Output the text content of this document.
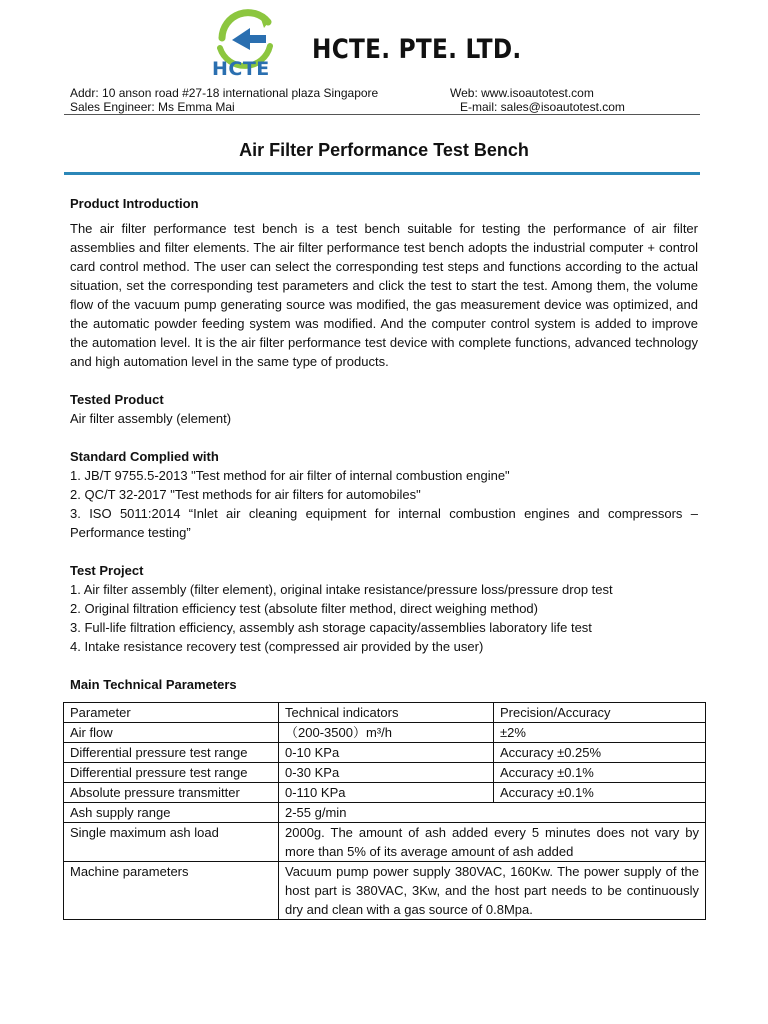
HCTE
HCTE. PTE. LTD.
Addr: 10 anson road #27-18 international plaza Singapore
Sales Engineer: Ms Emma Mai
Web: www.isoautotest.com
E-mail: sales@isoautotest.com
Air Filter Performance Test Bench

Product Introduction

The air filter performance test bench is a test bench suitable for testing the performance of air filter assemblies and filter elements. The air filter performance test bench adopts the industrial computer + control card control method. The user can select the corresponding test steps and functions according to the actual situation, set the corresponding test parameters and click the test to start the test. Among them, the volume flow of the vacuum pump generating source was modified, the gas measurement device was optimized, and the automatic powder feeding system was modified. And the computer control system is added to improve the automation level. It is the air filter performance test device with complete functions, advanced technology and high automation level in the same type of products.

Tested Product

Air filter assembly (element)

Standard Complied with

1. JB/T 9755.5-2013 "Test method for air filter of internal combustion engine"

2. QC/T 32-2017 "Test methods for air filters for automobiles"

3. ISO 5011:2014 “Inlet air cleaning equipment for internal combustion engines and compressors – Performance testing”

Test Project

1. Air filter assembly (filter element), original intake resistance/pressure loss/pressure drop test

2. Original filtration efficiency test (absolute filter method, direct weighing method)

3. Full-life filtration efficiency, assembly ash storage capacity/assemblies laboratory life test

4. Intake resistance recovery test (compressed air provided by the user)

Main Technical Parameters

Parameter	Technical indicators	Precision/Accuracy
Air flow	（200-3500）m³/h	±2%
Differential pressure test range	0-10 KPa	Accuracy ±0.25%
Differential pressure test range	0-30 KPa	Accuracy ±0.1%
Absolute pressure transmitter	0-110 KPa	Accuracy ±0.1%
Ash supply range	2-55 g/min	
Single maximum ash load	2000g. The amount of ash added every 5 minutes does not vary by more than 5% of its average amount of ash added	
Machine parameters	Vacuum pump power supply 380VAC, 160Kw. The power supply of the host part is 380VAC, 3Kw, and the host part needs to be continuously dry and clean with a gas source of 0.8Mpa.	
